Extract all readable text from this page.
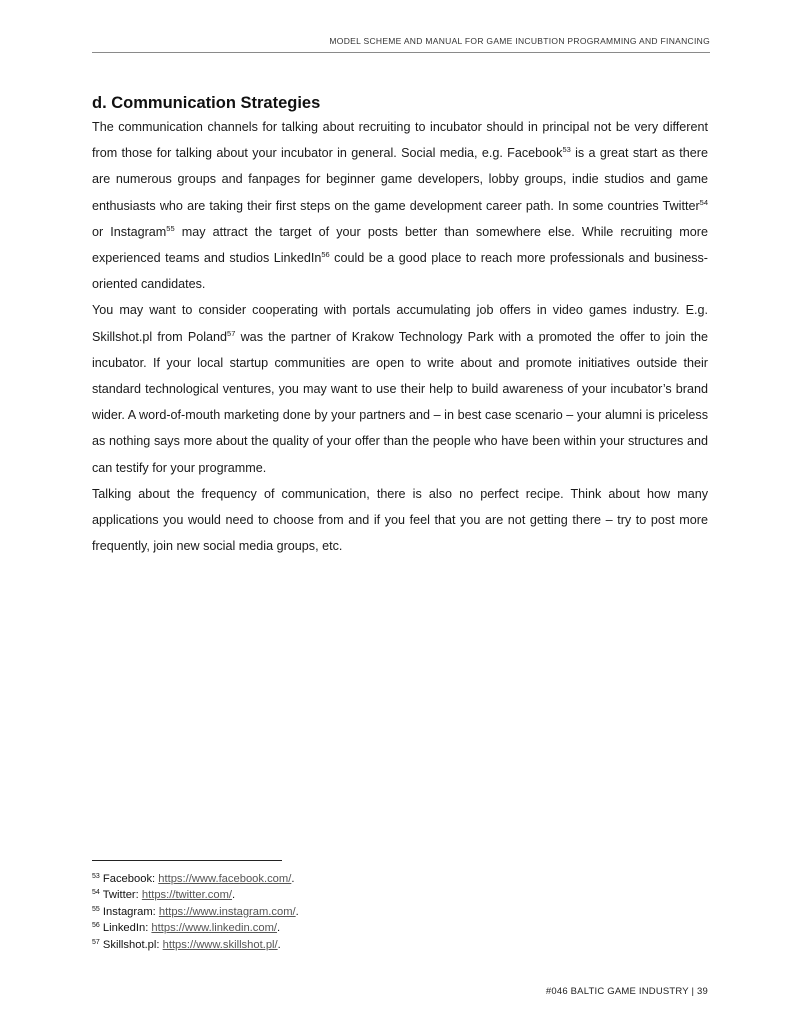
MODEL SCHEME AND MANUAL FOR GAME INCUBTION PROGRAMMING AND FINANCING
d. Communication Strategies

The communication channels for talking about recruiting to incubator should in principal not be very different from those for talking about your incubator in general. Social media, e.g. Facebook$^{53}$ is a great start as there are numerous groups and fanpages for beginner game developers, lobby groups, indie studios and game enthusiasts who are taking their first steps on the game development career path. In some countries Twitter$^{54}$ or Instagram$^{55}$ may attract the target of your posts better than somewhere else. While recruiting more experienced teams and studios LinkedIn$^{56}$ could be a good place to reach more professionals and business-oriented candidates.

You may want to consider cooperating with portals accumulating job offers in video games industry. E.g. Skillshot.pl from Poland$^{57}$ was the partner of Krakow Technology Park with a promoted the offer to join the incubator. If your local startup communities are open to write about and promote initiatives outside their standard technological ventures, you may want to use their help to build awareness of your incubator’s brand wider. A word-of-mouth marketing done by your partners and – in best case scenario – your alumni is priceless as nothing says more about the quality of your offer than the people who have been within your structures and can testify for your programme.

Talking about the frequency of communication, there is also no perfect recipe. Think about how many applications you would need to choose from and if you feel that you are not getting there – try to post more frequently, join new social media groups, etc.

$^{53}$ Facebook: https://www.facebook.com/.
$^{54}$ Twitter: https://twitter.com/.
$^{55}$ Instagram: https://www.instagram.com/.
$^{56}$ LinkedIn: https://www.linkedin.com/.
$^{57}$ Skillshot.pl: https://www.skillshot.pl/.
#046 BALTIC GAME INDUSTRY | 39
